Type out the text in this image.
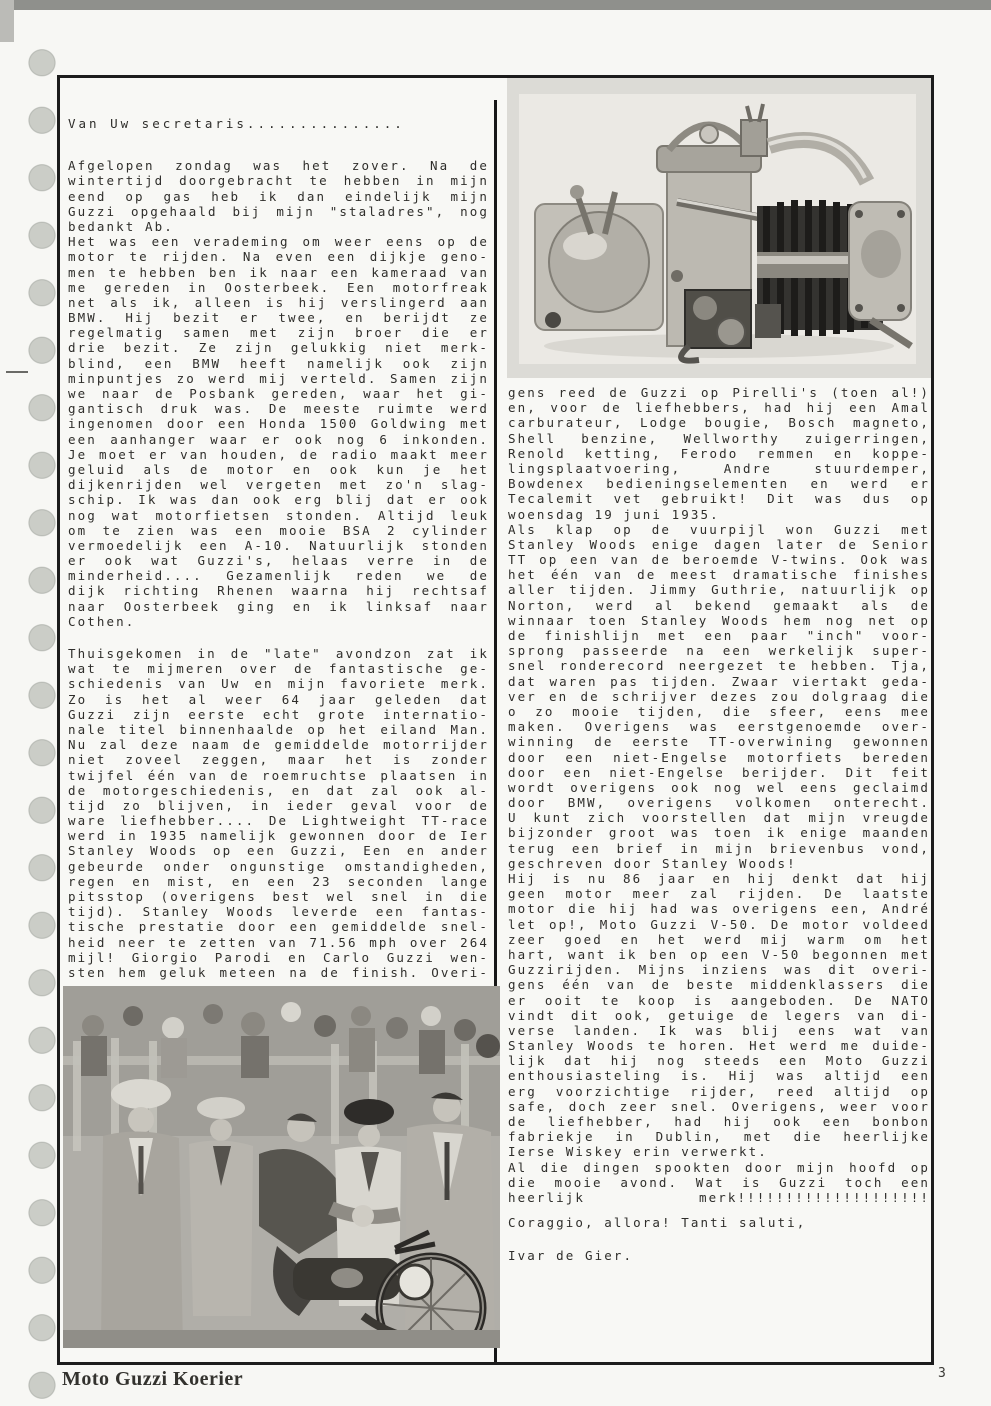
Van Uw secretaris...............
Afgelopen zondag was het zover. Na de
wintertijd doorgebracht te hebben in mijn
eend op gas heb ik dan eindelijk mijn
Guzzi opgehaald bij mijn "staladres", nog
bedankt Ab.
Het was een verademing om weer eens op de
motor te rijden. Na even een dijkje geno-
men te hebben ben ik naar een kameraad van
me gereden in Oosterbeek. Een motorfreak
net als ik, alleen is hij verslingerd aan
BMW. Hij bezit er twee, en berijdt ze
regelmatig samen met zijn broer die er
drie bezit. Ze zijn gelukkig niet merk-
blind, een BMW heeft namelijk ook zijn
minpuntjes zo werd mij verteld. Samen zijn
we naar de Posbank gereden, waar het gi-
gantisch druk was. De meeste ruimte werd
ingenomen door een Honda 1500 Goldwing met
een aanhanger waar er ook nog 6 inkonden.
Je moet er van houden, de radio maakt meer
geluid als de motor en ook kun je het
dijkenrijden wel vergeten met zo'n slag-
schip. Ik was dan ook erg blij dat er ook
nog wat motorfietsen stonden. Altijd leuk
om te zien was een mooie BSA 2 cylinder
vermoedelijk een A-10. Natuurlijk stonden
er ook wat Guzzi's, helaas verre in de
minderheid.... Gezamenlijk reden we de
dijk richting Rhenen waarna hij rechtsaf
naar Oosterbeek ging en ik linksaf naar
Cothen.
Thuisgekomen in de "late" avondzon zat ik
wat te mijmeren over de fantastische ge-
schiedenis van Uw en mijn favoriete merk.
Zo is het al weer 64 jaar geleden dat
Guzzi zijn eerste echt grote internatio-
nale titel binnenhaalde op het eiland Man.
Nu zal deze naam de gemiddelde motorrijder
niet zoveel zeggen, maar het is zonder
twijfel één van de roemruchtse plaatsen in
de motorgeschiedenis, en dat zal ook al-
tijd zo blijven, in ieder geval voor de
ware liefhebber.... De Lightweight TT-race
werd in 1935 namelijk gewonnen door de Ier
Stanley Woods op een Guzzi, Een en ander
gebeurde onder ongunstige omstandigheden,
regen en mist, en een 23 seconden lange
pitsstop (overigens best wel snel in die
tijd). Stanley Woods leverde een fantas-
tische prestatie door een gemiddelde snel-
heid neer te zetten van 71.56 mph over 264
mijl! Giorgio Parodi en Carlo Guzzi wen-
sten hem geluk meteen na de finish. Overi-
gens reed de Guzzi op Pirelli's (toen al!)
en, voor de liefhebbers, had hij een Amal
carburateur, Lodge bougie, Bosch magneto,
Shell benzine, Wellworthy zuigerringen,
Renold ketting, Ferodo remmen en koppe-
lingsplaatvoering, Andre stuurdemper,
Bowdenex bedieningselementen en werd er
Tecalemit vet gebruikt! Dit was dus op
woensdag 19 juni 1935.
Als klap op de vuurpijl won Guzzi met
Stanley Woods enige dagen later de Senior
TT op een van de beroemde V-twins. Ook was
het één van de meest dramatische finishes
aller tijden. Jimmy Guthrie, natuurlijk op
Norton, werd al bekend gemaakt als de
winnaar toen Stanley Woods hem nog net op
de finishlijn met een paar "inch" voor-
sprong passeerde na een werkelijk super-
snel ronderecord neergezet te hebben. Tja,
dat waren pas tijden. Zwaar viertakt geda-
ver en de schrijver dezes zou dolgraag die
o zo mooie tijden, die sfeer, eens mee
maken. Overigens was eerstgenoemde over-
winning de eerste TT-overwining gewonnen
door een niet-Engelse motorfiets bereden
door een niet-Engelse berijder. Dit feit
wordt overigens ook nog wel eens geclaimd
door BMW, overigens volkomen onterecht.
U kunt zich voorstellen dat mijn vreugde
bijzonder groot was toen ik enige maanden
terug een brief in mijn brievenbus vond,
geschreven door Stanley Woods!
Hij is nu 86 jaar en hij denkt dat hij
geen motor meer zal rijden. De laatste
motor die hij had was overigens een, André
let op!, Moto Guzzi V-50. De motor voldeed
zeer goed en het werd mij warm om het
hart, want ik ben op een V-50 begonnen met
Guzzirijden. Mijns inziens was dit overi-
gens één van de beste middenklassers die
er ooit te koop is aangeboden. De NATO
vindt dit ook, getuige de legers van di-
verse landen. Ik was blij eens wat van
Stanley Woods te horen. Het werd me duide-
lijk dat hij nog steeds een Moto Guzzi
enthousiasteling is. Hij was altijd een
erg voorzichtige rijder, reed altijd op
safe, doch zeer snel. Overigens, weer voor
de liefhebber, had hij ook een bonbon
fabriekje in Dublin, met die heerlijke
Ierse Wiskey erin verwerkt.
Al die dingen spookten door mijn hoofd op
die mooie avond. Wat is Guzzi toch een
heerlijk merk!!!!!!!!!!!!!!!!!!!!
Coraggio, allora! Tanti saluti,
Ivar de Gier.
Moto Guzzi Koerier	3
